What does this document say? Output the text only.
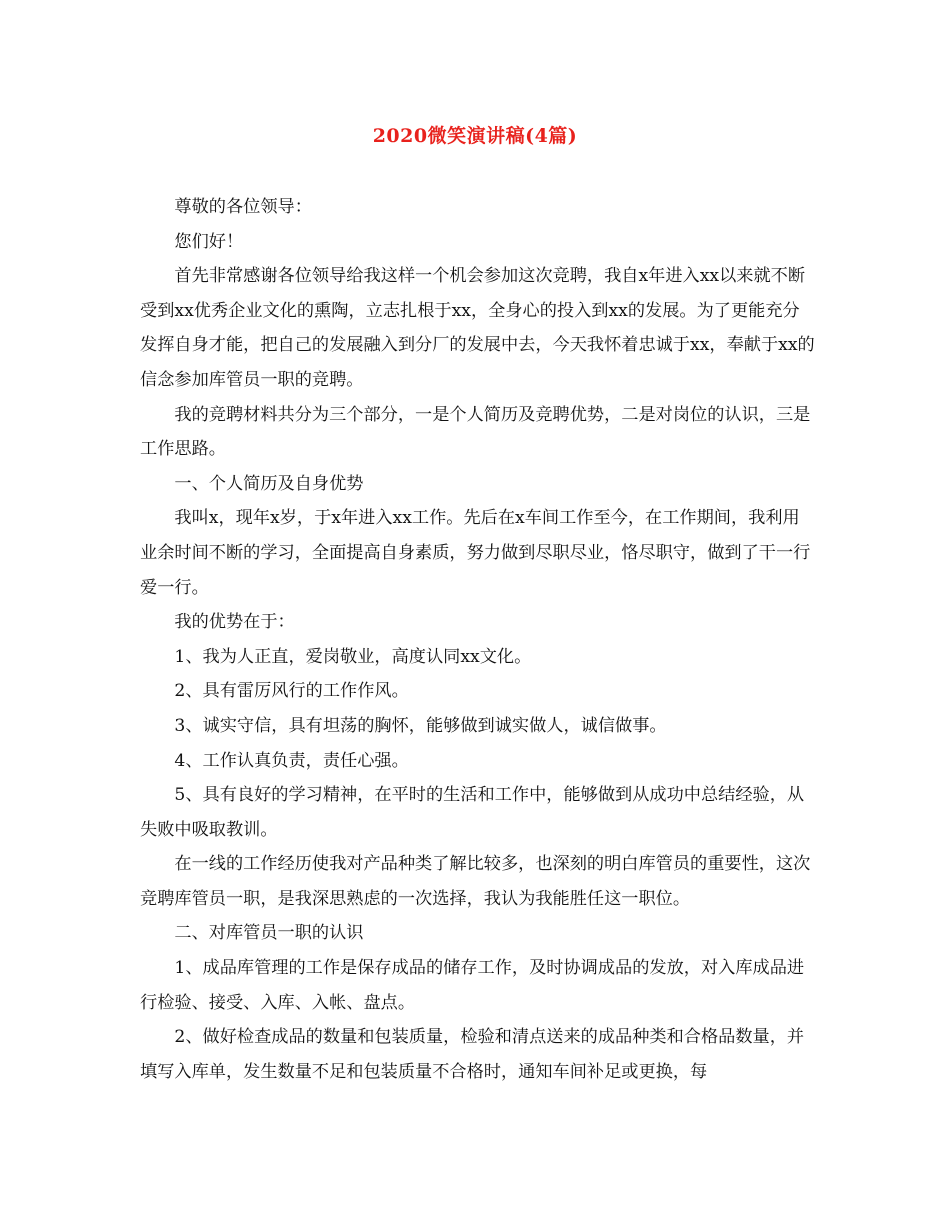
2020微笑演讲稿(4篇)

尊敬的各位领导：

您们好！

首先非常感谢各位领导给我这样一个机会参加这次竞聘，我自x年进入xx以来就不断受到xx优秀企业文化的熏陶，立志扎根于xx，全身心的投入到xx的发展。为了更能充分发挥自身才能，把自己的发展融入到分厂的发展中去，今天我怀着忠诚于xx，奉献于xx的信念参加库管员一职的竞聘。

我的竞聘材料共分为三个部分，一是个人简历及竞聘优势，二是对岗位的认识，三是工作思路。

一、个人简历及自身优势

我叫x，现年x岁，于x年进入xx工作。先后在x车间工作至今，在工作期间，我利用业余时间不断的学习，全面提高自身素质，努力做到尽职尽业，恪尽职守，做到了干一行爱一行。

我的优势在于：

1、我为人正直，爱岗敬业，高度认同xx文化。

2、具有雷厉风行的工作作风。

3、诚实守信，具有坦荡的胸怀，能够做到诚实做人，诚信做事。

4、工作认真负责，责任心强。

5、具有良好的学习精神，在平时的生活和工作中，能够做到从成功中总结经验，从失败中吸取教训。

在一线的工作经历使我对产品种类了解比较多，也深刻的明白库管员的重要性，这次竞聘库管员一职，是我深思熟虑的一次选择，我认为我能胜任这一职位。

二、对库管员一职的认识

1、成品库管理的工作是保存成品的储存工作，及时协调成品的发放，对入库成品进行检验、接受、入库、入帐、盘点。

2、做好检查成品的数量和包装质量，检验和清点送来的成品种类和合格品数量，并填写入库单，发生数量不足和包装质量不合格时，通知车间补足或更换，每
